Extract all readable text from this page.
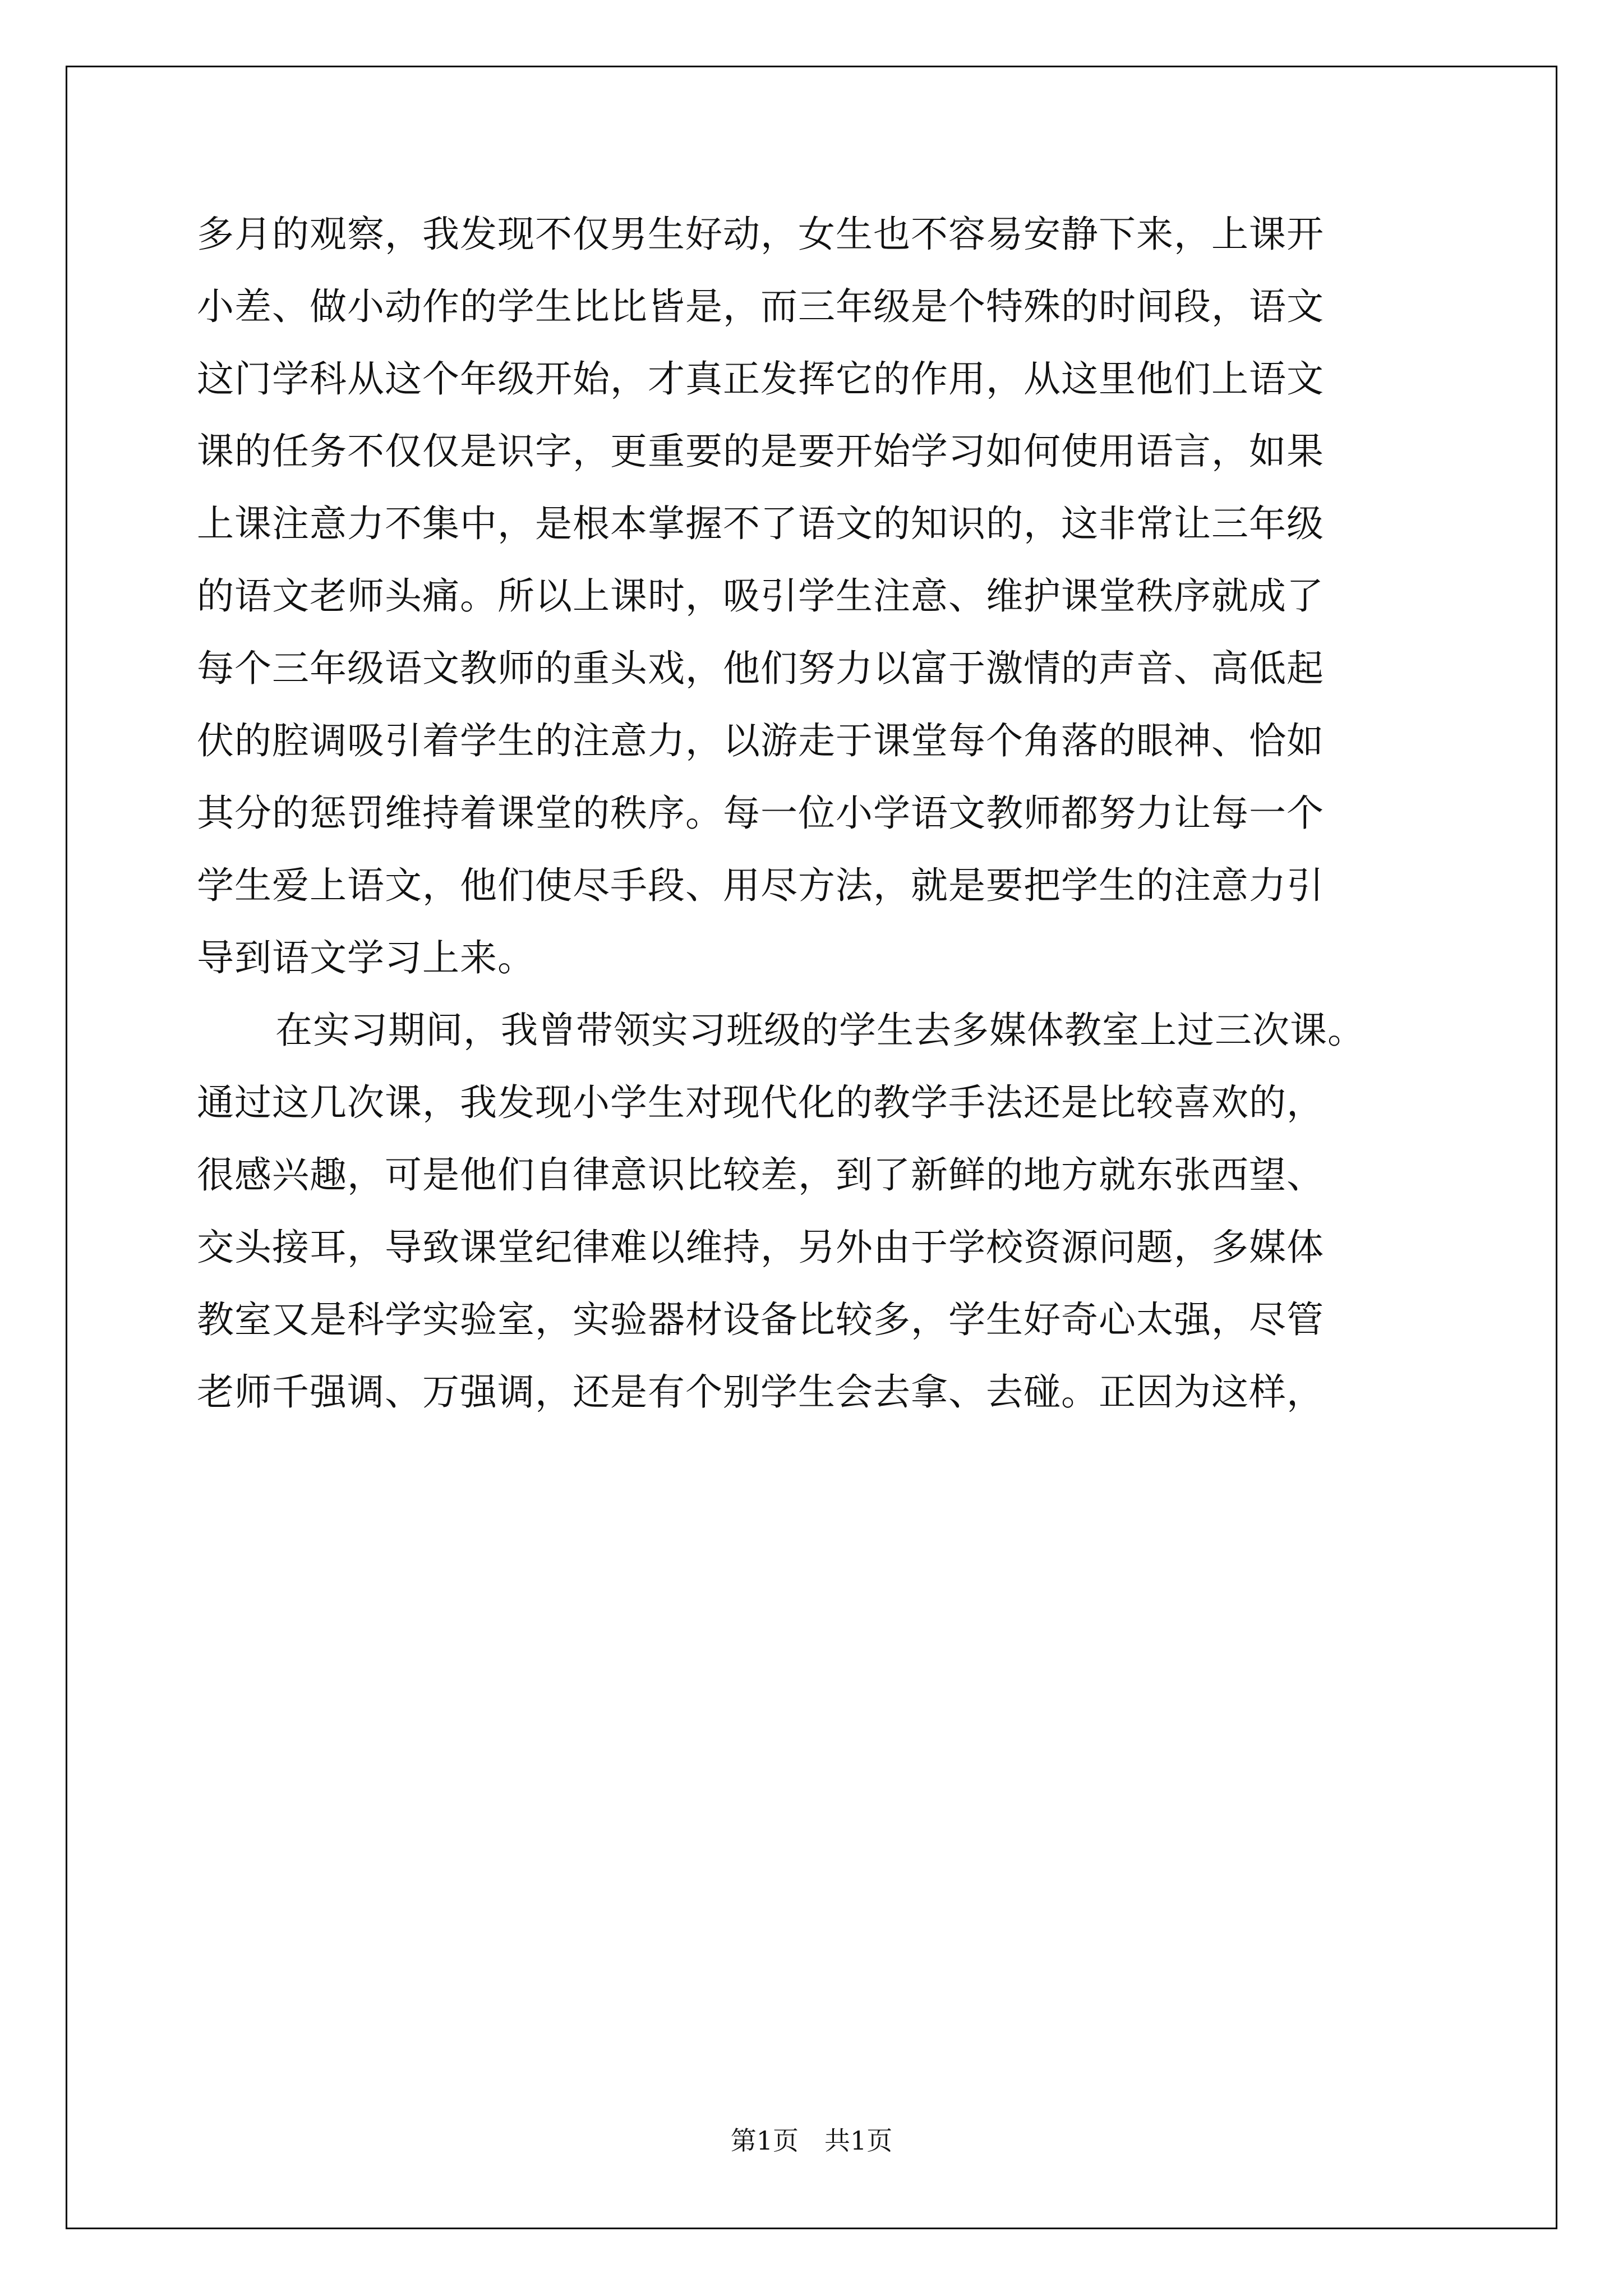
多月的观察，我发现不仅男生好动，女生也不容易安静下来，上课开
小差、做小动作的学生比比皆是，而三年级是个特殊的时间段，语文
这门学科从这个年级开始，才真正发挥它的作用，从这里他们上语文
课的任务不仅仅是识字，更重要的是要开始学习如何使用语言，如果
上课注意力不集中，是根本掌握不了语文的知识的，这非常让三年级
的语文老师头痛。所以上课时，吸引学生注意、维护课堂秩序就成了
每个三年级语文教师的重头戏，他们努力以富于激情的声音、高低起
伏的腔调吸引着学生的注意力，以游走于课堂每个角落的眼神、恰如
其分的惩罚维持着课堂的秩序。每一位小学语文教师都努力让每一个
学生爱上语文，他们使尽手段、用尽方法，就是要把学生的注意力引
导到语文学习上来。
在实习期间，我曾带领实习班级的学生去多媒体教室上过三次课。
通过这几次课，我发现小学生对现代化的教学手法还是比较喜欢的，
很感兴趣，可是他们自律意识比较差，到了新鲜的地方就东张西望、
交头接耳，导致课堂纪律难以维持，另外由于学校资源问题，多媒体
教室又是科学实验室，实验器材设备比较多，学生好奇心太强，尽管
老师千强调、万强调，还是有个别学生会去拿、去碰。正因为这样，
第1页　共1页
